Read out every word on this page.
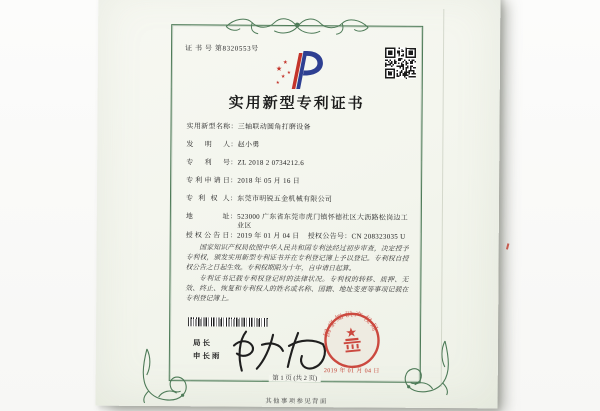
证 书 号 第8320553号
★
★
★
★
★
实用新型专利证书
实用新型名称：三轴联动圆角打磨设备
发明人：赵小勇
专利号：ZL 2018 2 0734212.6
专利申请日：2018 年 05 月 16 日
专利权人：东莞市明锐五金机械有限公司
地址：523000 广东省东莞市虎门镇怀德社区大沥路松岗边工业区
授权公告日：2019 年 01 月 04 日 授权公告号：CN 208323035 U

国家知识产权局依照中华人民共和国专利法经过初步审查，决定授予专利权，颁发实用新型专利证书并在专利登记簿上予以登记。专利权自授权公告之日起生效。专利权期限为十年，自申请日起算。

专利证书记载专利权登记时的法律状况。专利权的转移、质押、无效、终止、恢复和专利权人的姓名或名称、国籍、地址变更等事项记载在专利登记簿上。

局长
申长雨
国家知识产权局
2019 年 01 月 04 日
第 1 页 (共 2 页)
其他事项参见背面
